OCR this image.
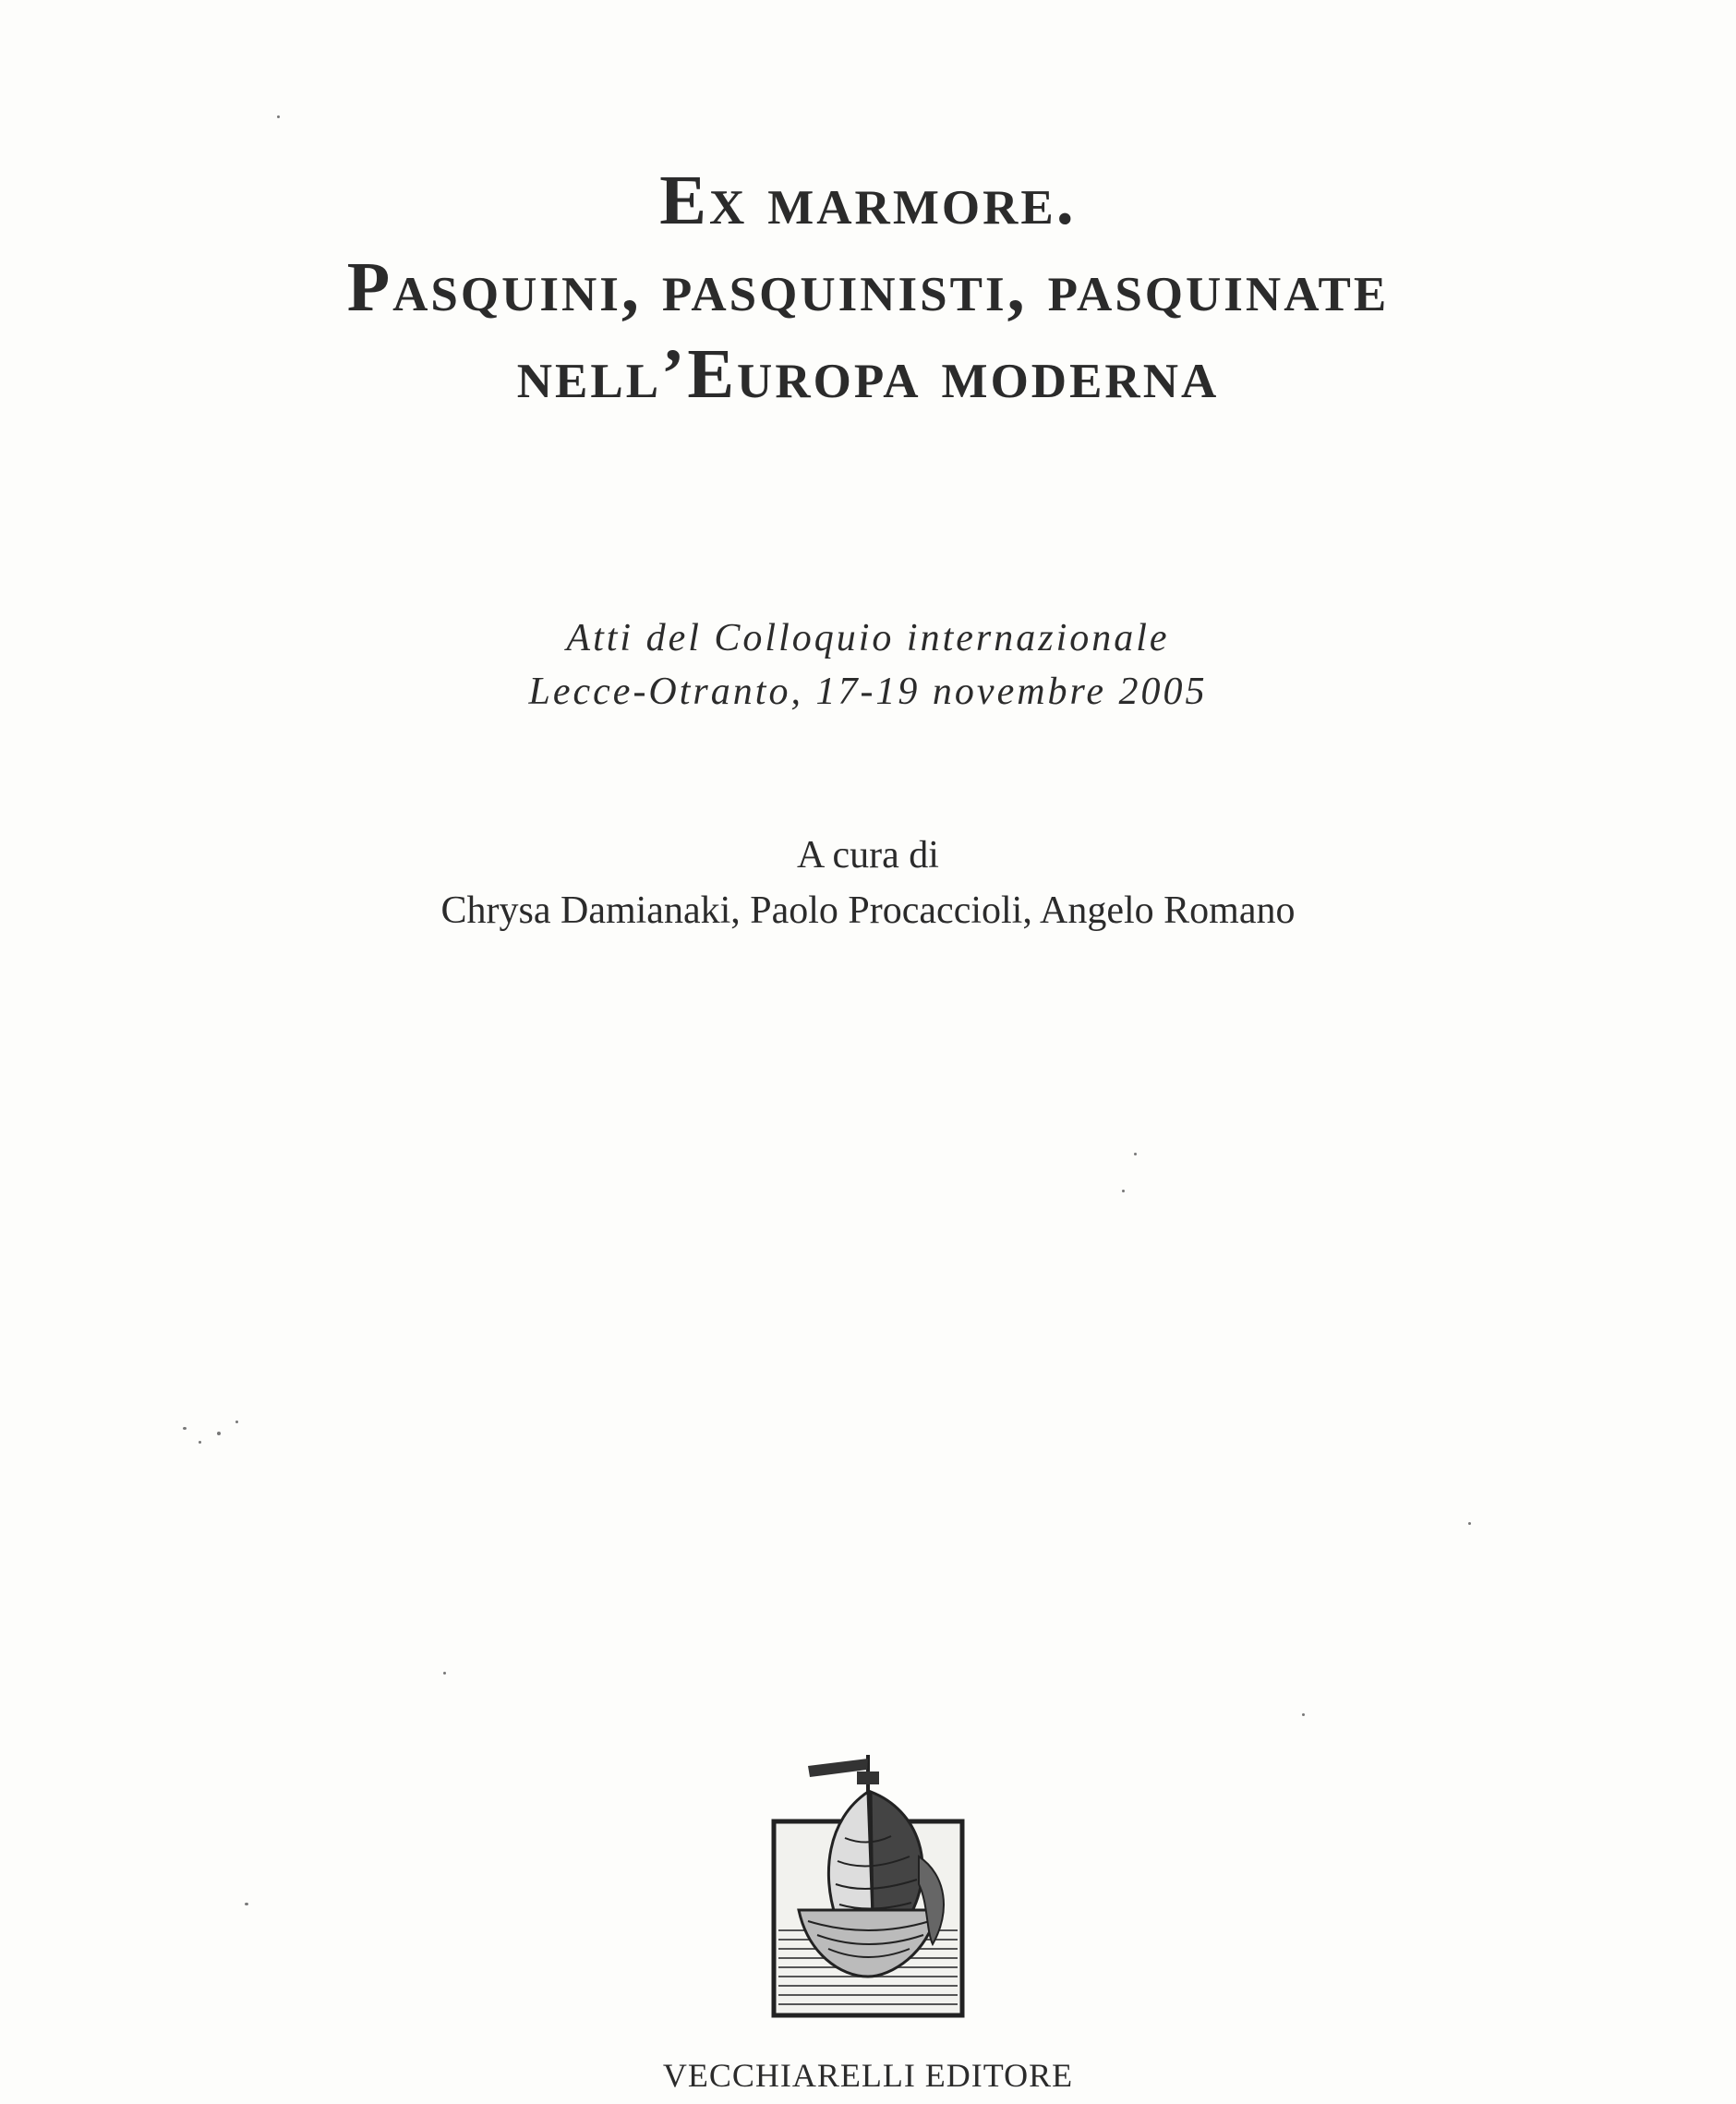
Ex marmore.
Pasquini, pasquinisti, pasquinate
nell’Europa moderna
Atti del Colloquio internazionale
Lecce-Otranto, 17-19 novembre 2005
A cura di
Chrysa Damianaki, Paolo Procaccioli, Angelo Romano
VECCHIARELLI EDITORE
